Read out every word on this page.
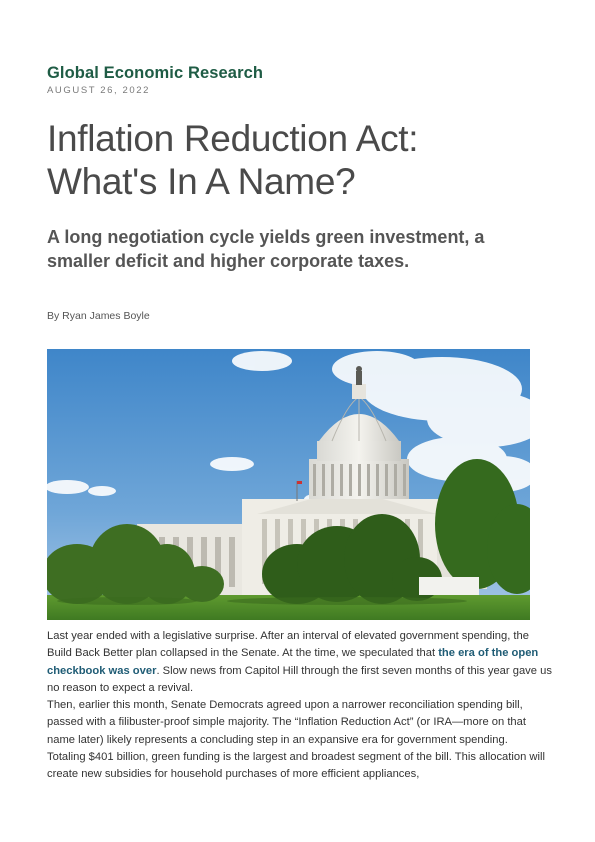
Global Economic Research
AUGUST 26, 2022
Inflation Reduction Act:
What's In A Name?
A long negotiation cycle yields green investment, a smaller deficit and higher corporate taxes.
By Ryan James Boyle

Last year ended with a legislative surprise. After an interval of elevated government spending, the Build Back Better plan collapsed in the Senate. At the time, we speculated that the era of the open checkbook was over. Slow news from Capitol Hill through the first seven months of this year gave us no reason to expect a revival.

Then, earlier this month, Senate Democrats agreed upon a narrower reconciliation spending bill, passed with a filibuster-proof simple majority. The “Inflation Reduction Act” (or IRA—more on that name later) likely represents a concluding step in an expansive era for government spending.

Totaling $401 billion, green funding is the largest and broadest segment of the bill. This allocation will create new subsidies for household purchases of more efficient appliances,
